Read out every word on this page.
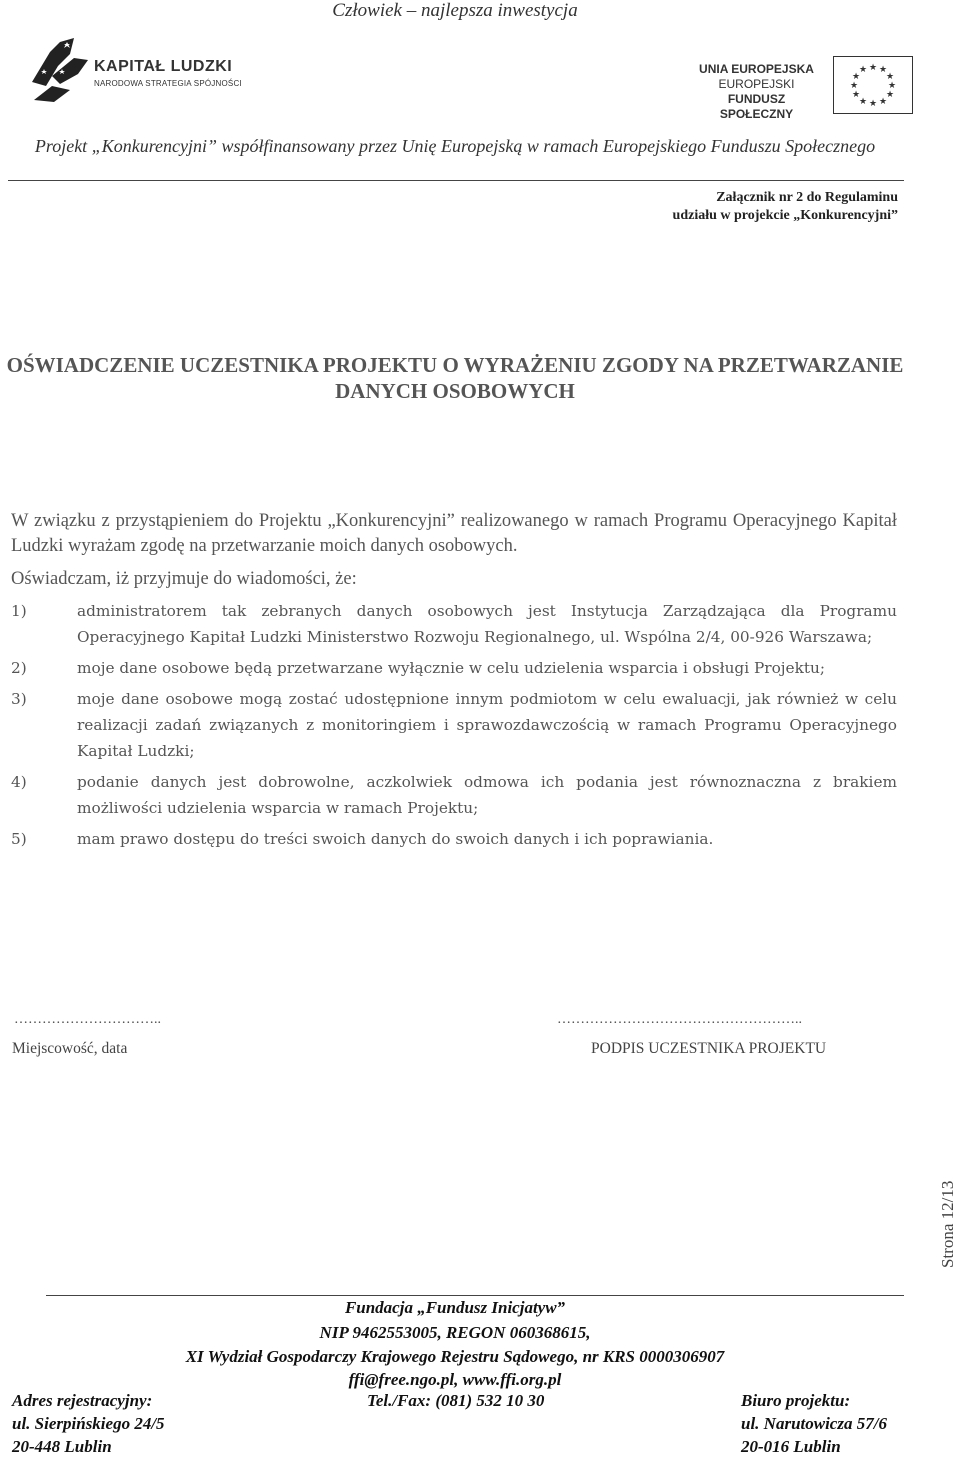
Człowiek – najlepsza inwestycja
KAPITAŁ LUDZKI
NARODOWA STRATEGIA SPÓJNOŚCI
UNIA EUROPEJSKA
EUROPEJSKI
FUNDUSZ SPOŁECZNY
★ ★
★
★
★
★
★
★
★
★
★
★
Projekt „Konkurencyjni” współfinansowany przez Unię Europejską w ramach Europejskiego Funduszu Społecznego
Załącznik nr 2 do Regulaminu
udziału w projekcie „Konkurencyjni”
OŚWIADCZENIE UCZESTNIKA PROJEKTU O WYRAŻENIU ZGODY NA PRZETWARZANIE
DANYCH OSOBOWYCH
W związku z przystąpieniem do Projektu „Konkurencyjni” realizowanego w ramach Programu Operacyjnego Kapitał Ludzki wyrażam zgodę na przetwarzanie moich danych osobowych.
Oświadczam, iż przyjmuje do wiadomości, że:
1)	administratorem tak zebranych danych osobowych jest Instytucja Zarządzająca dla Programu Operacyjnego Kapitał Ludzki Ministerstwo Rozwoju Regionalnego, ul. Wspólna 2/4, 00-926 Warszawa;
2)	moje dane osobowe będą przetwarzane wyłącznie w celu udzielenia wsparcia i obsługi Projektu;
3)	moje dane osobowe mogą zostać udostępnione innym podmiotom w celu ewaluacji, jak również w celu realizacji zadań związanych z monitoringiem i sprawozdawczością w ramach Programu Operacyjnego Kapitał Ludzki;
4)	podanie danych jest dobrowolne, aczkolwiek odmowa ich podania jest równoznaczna z brakiem możliwości udzielenia wsparcia w ramach Projektu;
5)	mam prawo dostępu do treści swoich danych do swoich danych i ich poprawiania.
…………………………..	……………………………………………..
Miejscowość, data	PODPIS UCZESTNIKA PROJEKTU
Strona 12/13
Fundacja „Fundusz Inicjatyw”
NIP 9462553005, REGON 060368615,
XI Wydział Gospodarczy Krajowego Rejestru Sądowego, nr KRS 0000306907
ffi@free.ngo.pl, www.ffi.org.pl
Adres rejestracyjny:
ul. Sierpińskiego 24/5
20-448 Lublin
Tel./Fax: (081) 532 10 30	Biuro projektu:
ul. Narutowicza 57/6
20-016 Lublin
